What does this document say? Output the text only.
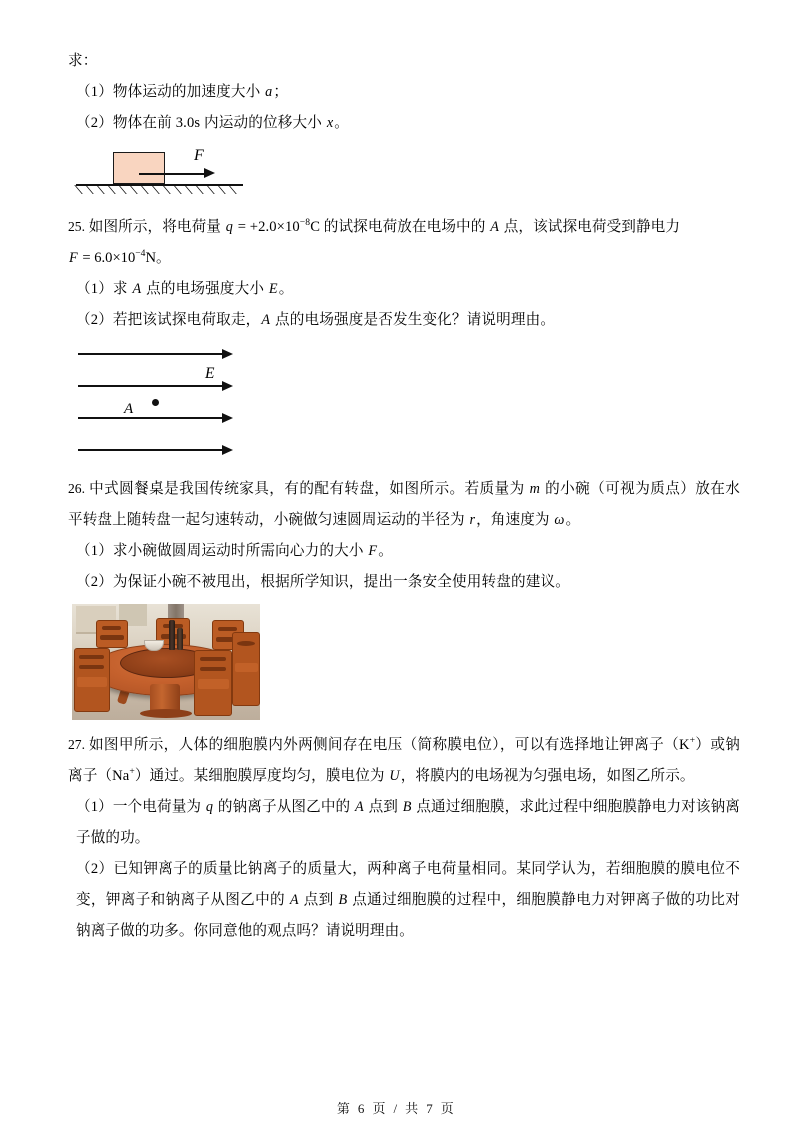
求：
（1）物体运动的加速度大小 a；
（2）物体在前 3.0s 内运动的位移大小 x。
F
25. 如图所示，将电荷量 $q = +2.0\times 10^{-8}C$ 的试探电荷放在电场中的 A 点，该试探电荷受到静电力
$F = 6.0\times 10^{-4}N$。
（1）求 A 点的电场强度大小 E。
（2）若把该试探电荷取走，A 点的电场强度是否发生变化？请说明理由。
E
A
26. 中式圆餐桌是我国传统家具，有的配有转盘，如图所示。若质量为 m 的小碗（可视为质点）放在水平转盘上随转盘一起匀速转动，小碗做匀速圆周运动的半径为 r，角速度为 ω。
（1）求小碗做圆周运动时所需向心力的大小 F。
（2）为保证小碗不被甩出，根据所学知识，提出一条安全使用转盘的建议。
27. 如图甲所示，人体的细胞膜内外两侧间存在电压（简称膜电位），可以有选择地让钾离子（K+）或钠离子（Na+）通过。某细胞膜厚度均匀，膜电位为 U，将膜内的电场视为匀强电场，如图乙所示。
（1）一个电荷量为 q 的钠离子从图乙中的 A 点到 B 点通过细胞膜，求此过程中细胞膜静电力对该钠离子做的功。
（2）已知钾离子的质量比钠离子的质量大，两种离子电荷量相同。某同学认为，若细胞膜的膜电位不变，钾离子和钠离子从图乙中的 A 点到 B 点通过细胞膜的过程中，细胞膜静电力对钾离子做的功比对钠离子做的功多。你同意他的观点吗？请说明理由。
第 6 页 / 共 7 页
